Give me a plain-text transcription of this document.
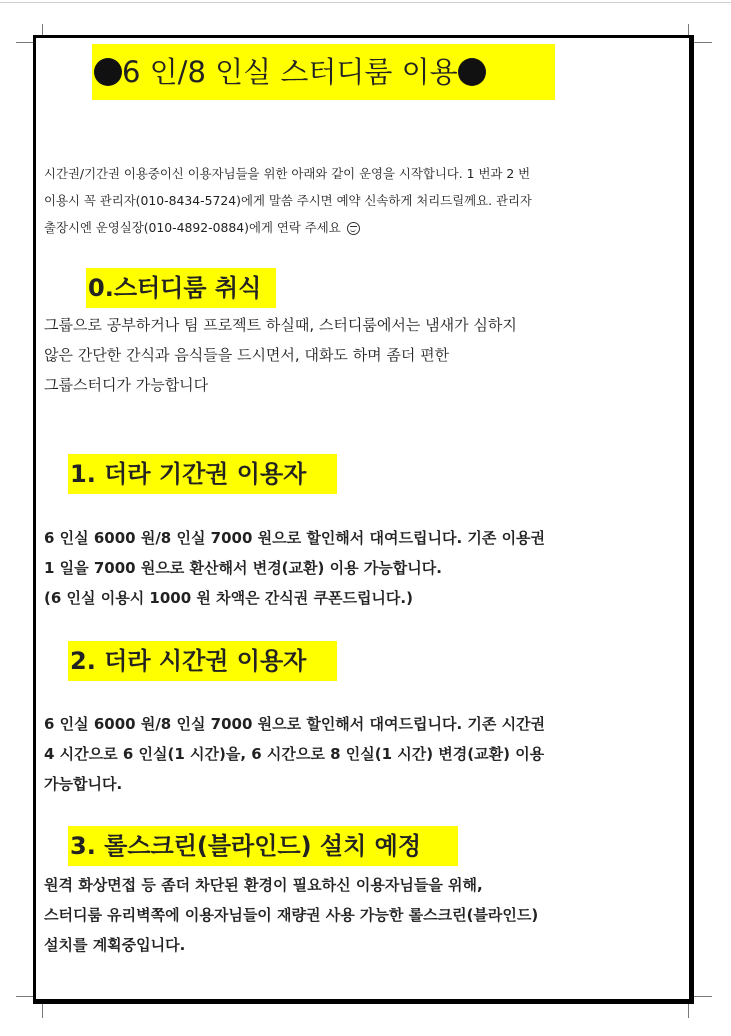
6 인/8 인실 스터디룸 이용

시간권/기간권 이용중이신 이용자님들을 위한 아래와 같이 운영을 시작합니다. 1 번과 2 번

이용시 꼭 관리자(010-8434-5724)에게 말씀 주시면 예약 신속하게 처리드릴께요. 관리자

출장시엔 운영실장(010-4892-0884)에게 연락 주세요

0.스터디룸 취식

그룹으로 공부하거나 팀 프로젝트 하실때, 스터디룸에서는 냄새가 심하지

않은 간단한 간식과 음식들을 드시면서, 대화도 하며 좀더 편한

그룹스터디가 가능합니다

1. 더라 기간권 이용자

6 인실 6000 원/8 인실 7000 원으로 할인해서 대여드립니다. 기존 이용권

1 일을 7000 원으로 환산해서 변경(교환) 이용 가능합니다.

(6 인실 이용시 1000 원 차액은 간식권 쿠폰드립니다.)

2. 더라 시간권 이용자

6 인실 6000 원/8 인실 7000 원으로 할인해서 대여드립니다. 기존 시간권

4 시간으로 6 인실(1 시간)을, 6 시간으로 8 인실(1 시간) 변경(교환) 이용

가능합니다.

3. 롤스크린(블라인드) 설치 예정

원격 화상면접 등 좀더 차단된 환경이 필요하신 이용자님들을 위해,

스터디룸 유리벽쪽에 이용자님들이 재량권 사용 가능한 롤스크린(블라인드)

설치를 계획중입니다.
